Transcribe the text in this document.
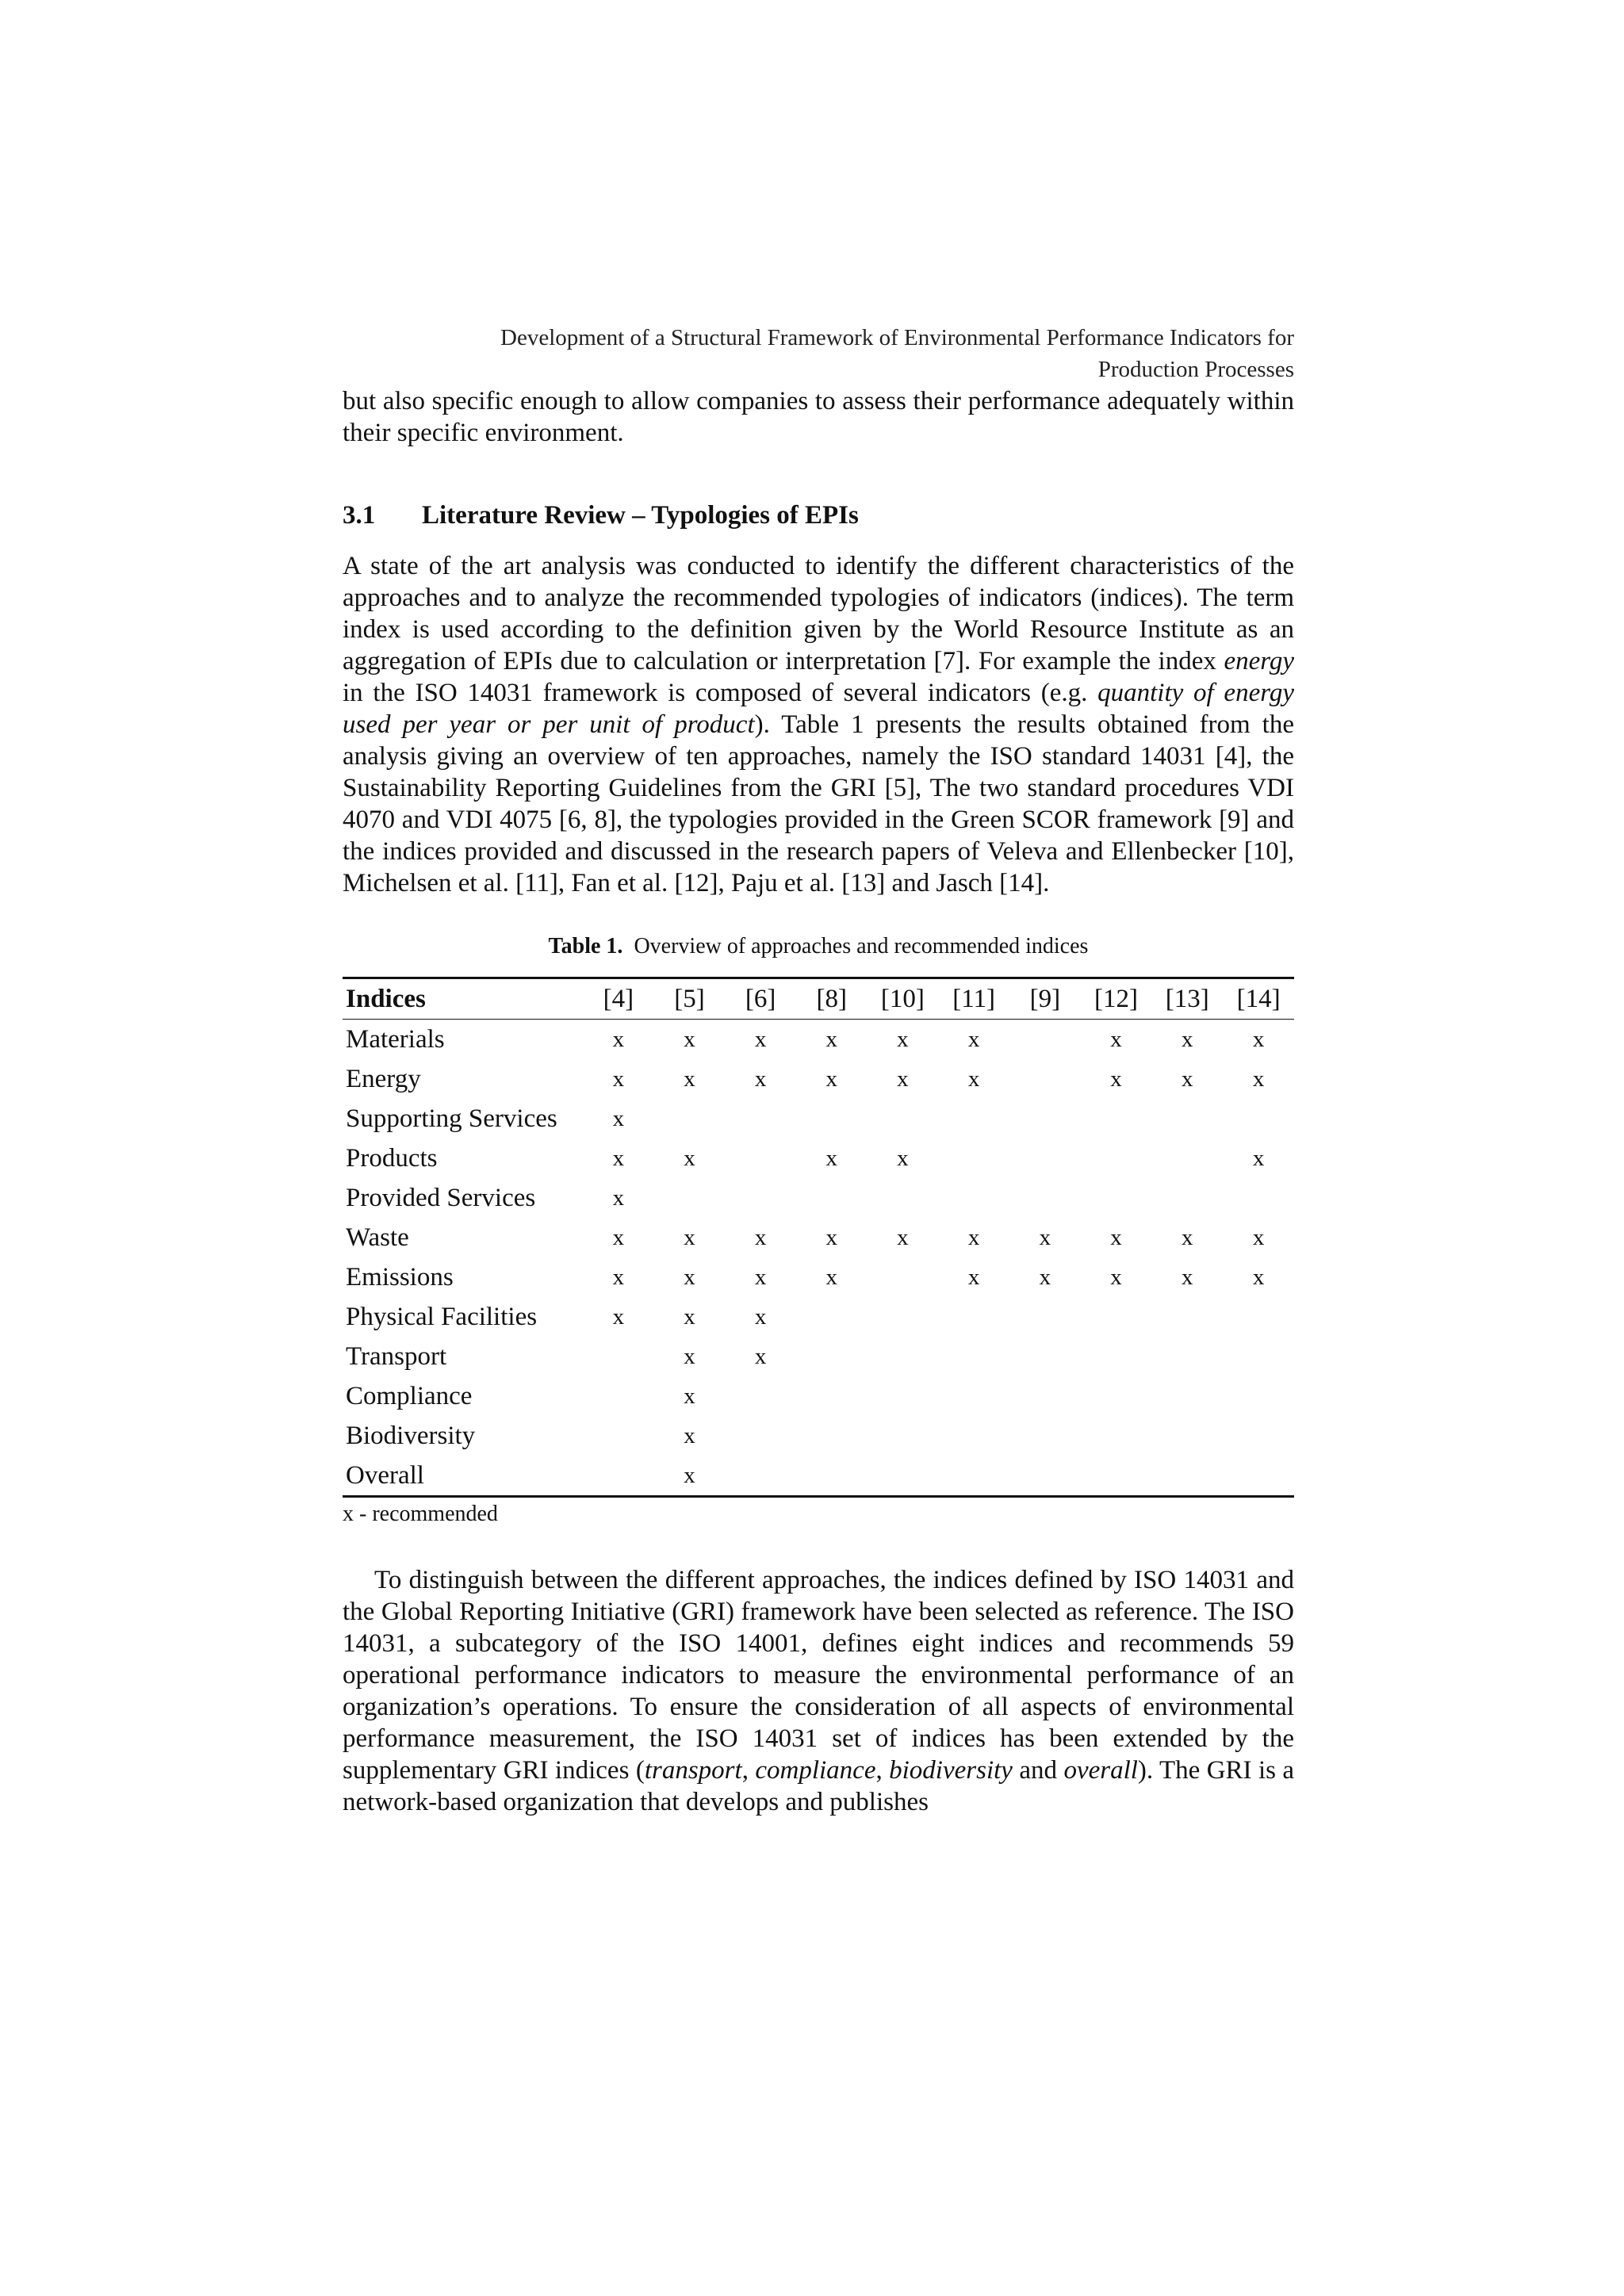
Development of a Structural Framework of Environmental Performance Indicators for
Production Processes

but also specific enough to allow companies to assess their performance adequately within their specific environment.

3.1 Literature Review – Typologies of EPIs

A state of the art analysis was conducted to identify the different characteristics of the approaches and to analyze the recommended typologies of indicators (indices). The term index is used according to the definition given by the World Resource Institute as an aggregation of EPIs due to calculation or interpretation [7]. For example the index energy in the ISO 14031 framework is composed of several indicators (e.g. quantity of energy used per year or per unit of product). Table 1 presents the results obtained from the analysis giving an overview of ten approaches, namely the ISO standard 14031 [4], the Sustainability Reporting Guidelines from the GRI [5], The two standard procedures VDI 4070 and VDI 4075 [6, 8], the typologies provided in the Green SCOR framework [9] and the indices provided and discussed in the research papers of Veleva and Ellenbecker [10], Michelsen et al. [11], Fan et al. [12], Paju et al. [13] and Jasch [14].

Table 1. Overview of approaches and recommended indices
Indices	[4]	[5]	[6]	[8]	[10]	[11]	[9]	[12]	[13]	[14]
Materials	x	x	x	x	x	x		x	x	x
Energy	x	x	x	x	x	x		x	x	x
Supporting Services	x									
Products	x	x		x	x					x
Provided Services	x									
Waste	x	x	x	x	x	x	x	x	x	x
Emissions	x	x	x	x		x	x	x	x	x
Physical Facilities	x	x	x							
Transport		x	x							
Compliance		x								
Biodiversity		x								
Overall		x								
x - recommended

To distinguish between the different approaches, the indices defined by ISO 14031 and the Global Reporting Initiative (GRI) framework have been selected as reference. The ISO 14031, a subcategory of the ISO 14001, defines eight indices and recommends 59 operational performance indicators to measure the environmental performance of an organization’s operations. To ensure the consideration of all aspects of environmental performance measurement, the ISO 14031 set of indices has been extended by the supplementary GRI indices (transport, compliance, biodiversity and overall). The GRI is a network-based organization that develops and publishes
